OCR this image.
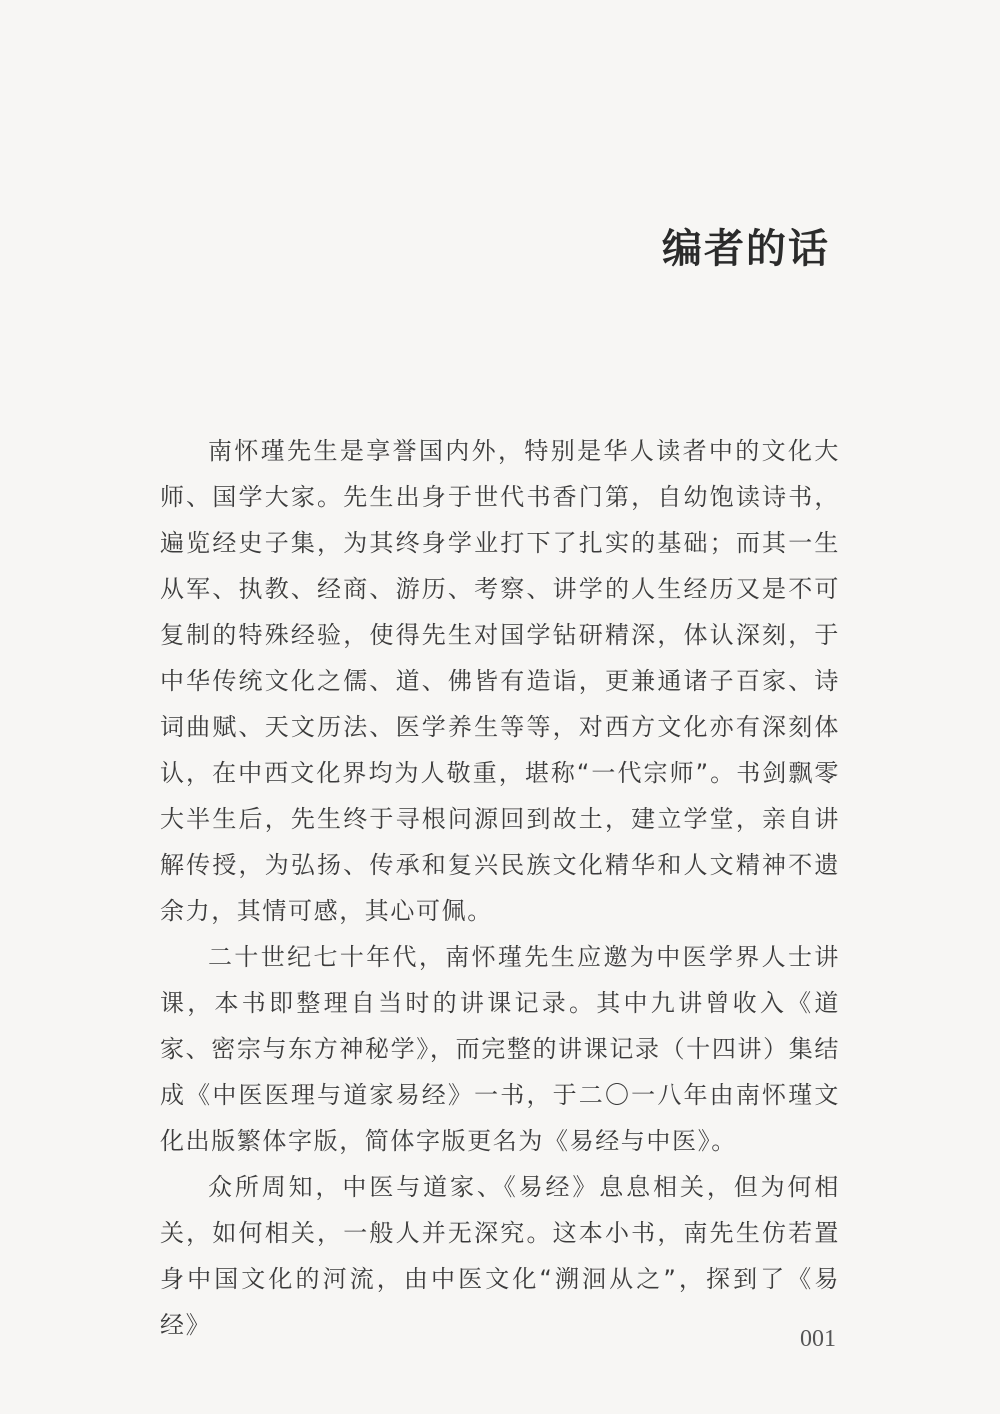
编者的话

南怀瑾先生是享誉国内外，特别是华人读者中的文化大师、国学大家。先生出身于世代书香门第，自幼饱读诗书，遍览经史子集，为其终身学业打下了扎实的基础；而其一生从军、执教、经商、游历、考察、讲学的人生经历又是不可复制的特殊经验，使得先生对国学钻研精深，体认深刻，于中华传统文化之儒、道、佛皆有造诣，更兼通诸子百家、诗词曲赋、天文历法、医学养生等等，对西方文化亦有深刻体认，在中西文化界均为人敬重，堪称“一代宗师”。书剑飘零大半生后，先生终于寻根问源回到故土，建立学堂，亲自讲解传授，为弘扬、传承和复兴民族文化精华和人文精神不遗余力，其情可感，其心可佩。

二十世纪七十年代，南怀瑾先生应邀为中医学界人士讲课，本书即整理自当时的讲课记录。其中九讲曾收入《道家、密宗与东方神秘学》，而完整的讲课记录（十四讲）集结成《中医医理与道家易经》一书，于二〇一八年由南怀瑾文化出版繁体字版，简体字版更名为《易经与中医》。

众所周知，中医与道家、《易经》息息相关，但为何相关，如何相关，一般人并无深究。这本小书，南先生仿若置身中国文化的河流，由中医文化“溯洄从之”，探到了《易经》	001
